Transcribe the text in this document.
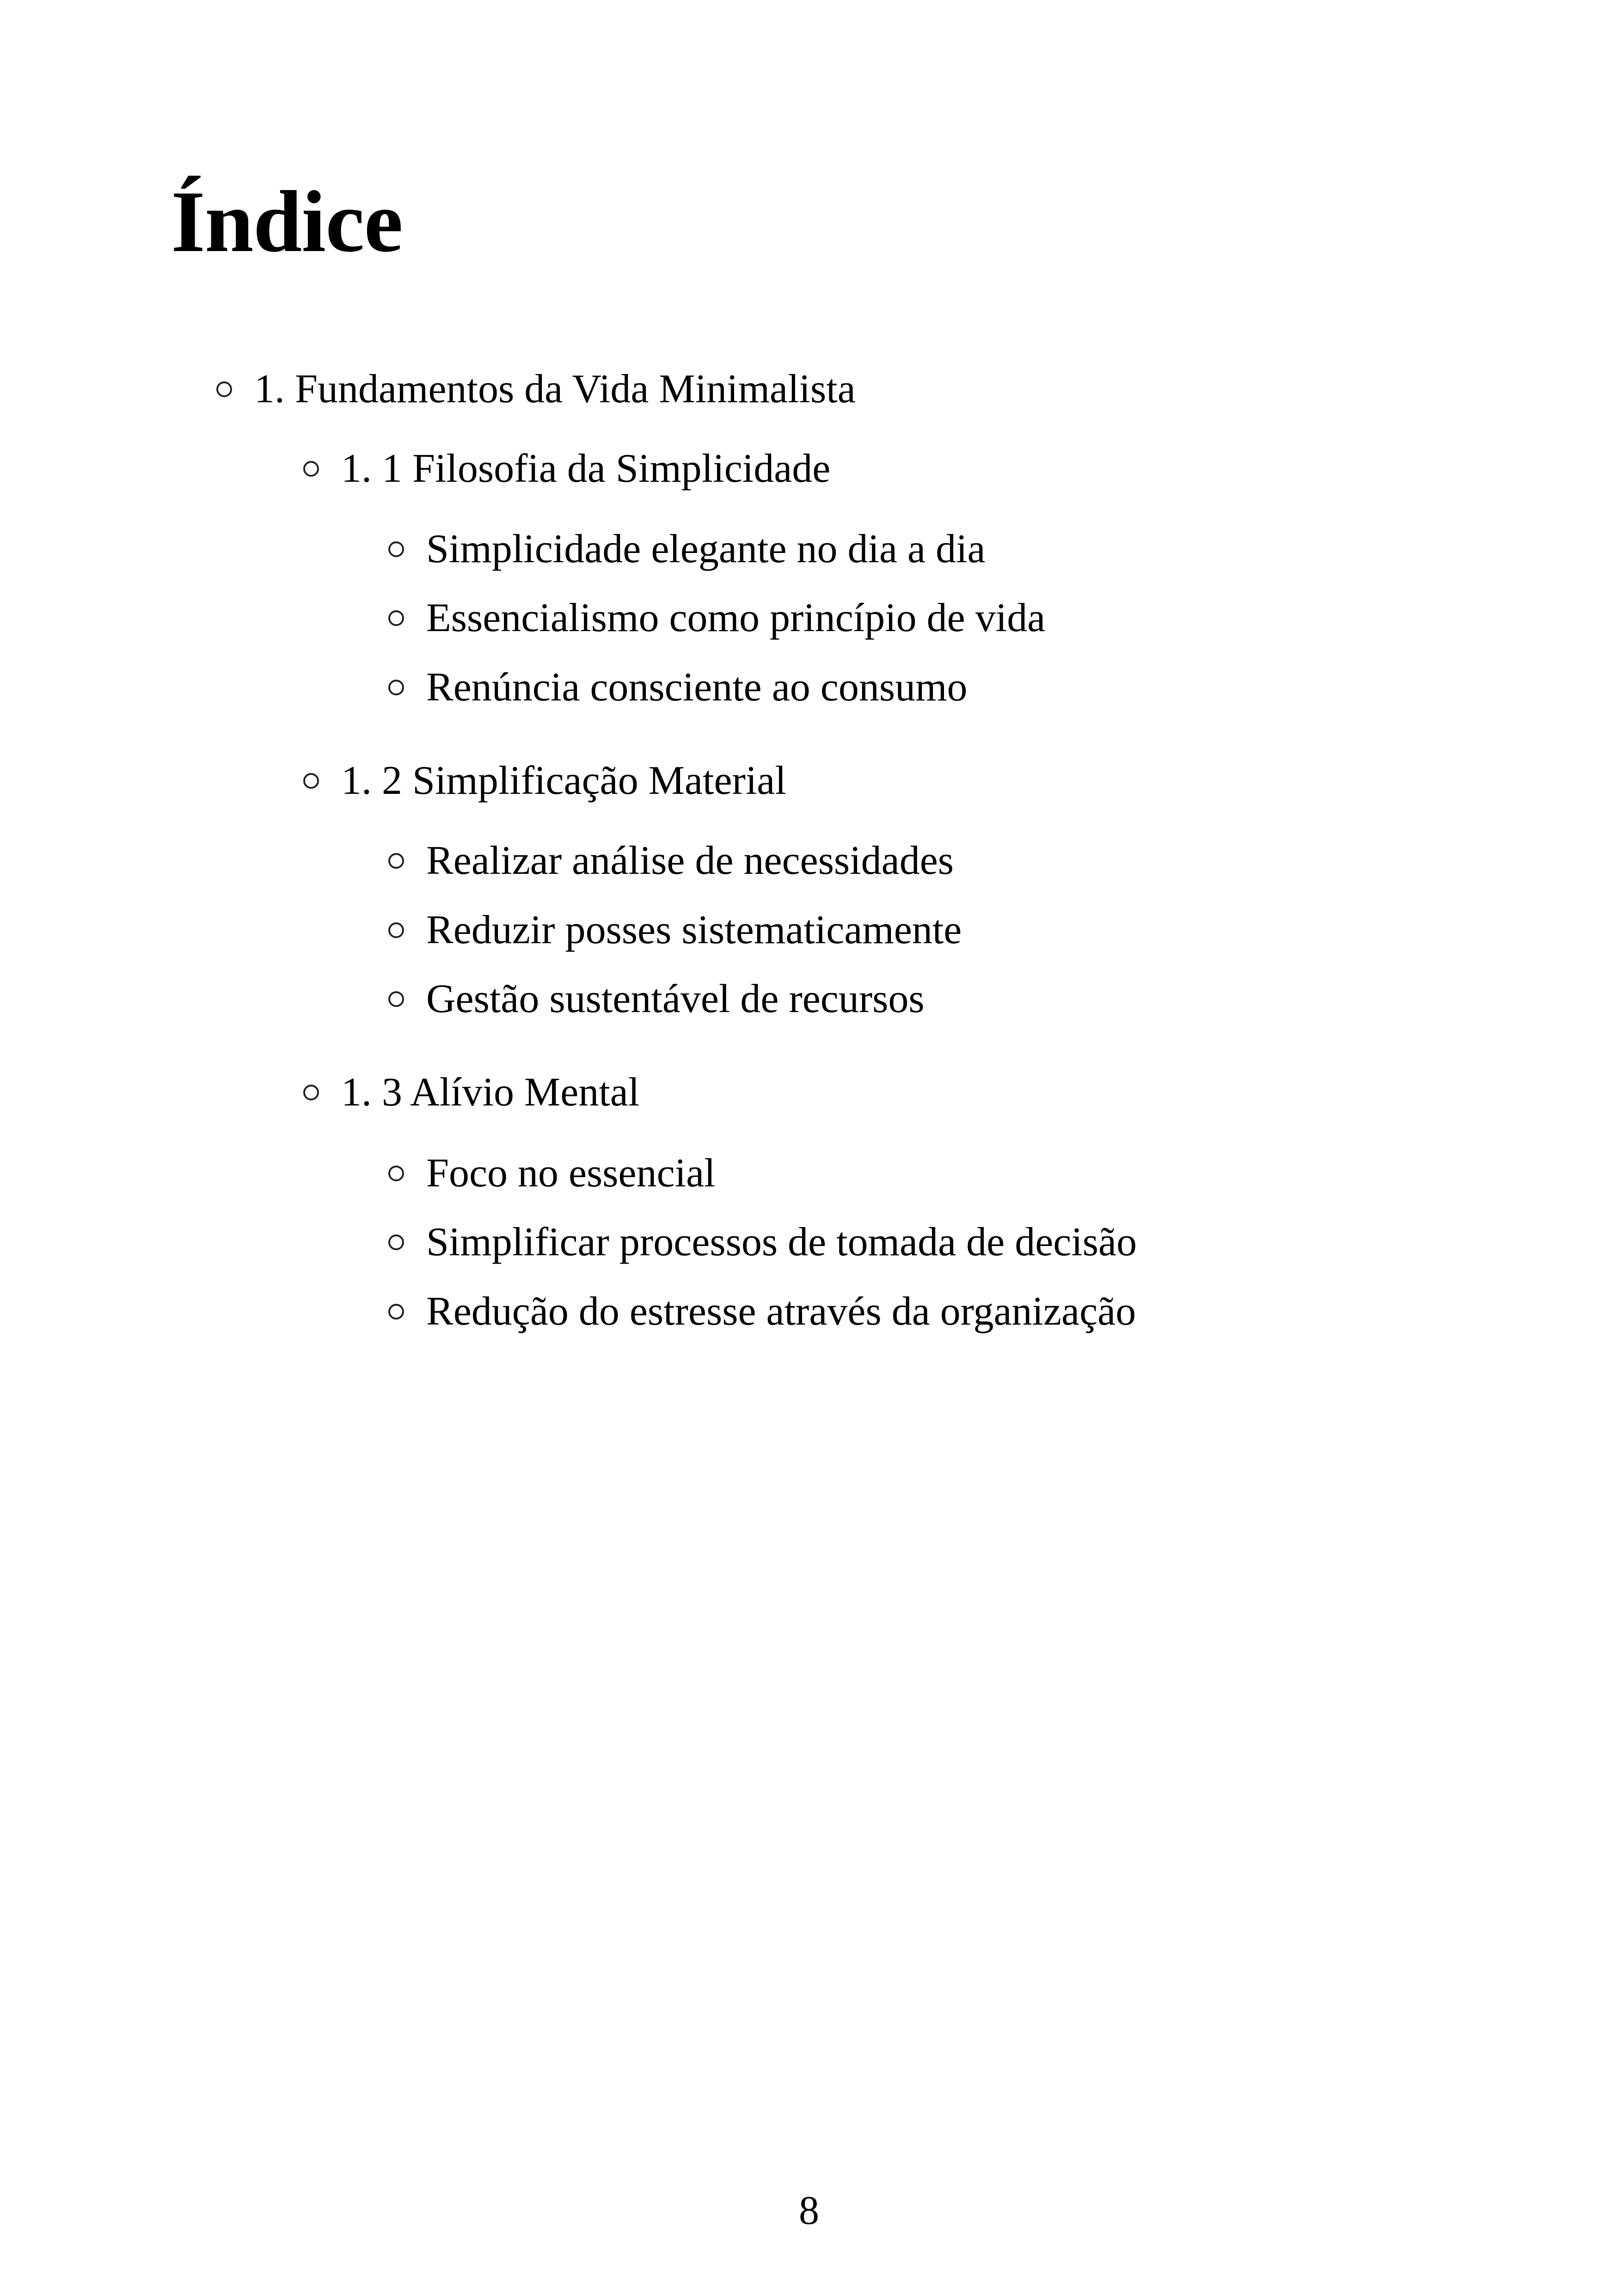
Índice
1. Fundamentos da Vida Minimalista
1. 1 Filosofia da Simplicidade
Simplicidade elegante no dia a dia
Essencialismo como princípio de vida
Renúncia consciente ao consumo
1. 2 Simplificação Material
Realizar análise de necessidades
Reduzir posses sistematicamente
Gestão sustentável de recursos
1. 3 Alívio Mental
Foco no essencial
Simplificar processos de tomada de decisão
Redução do estresse através da organização
8
